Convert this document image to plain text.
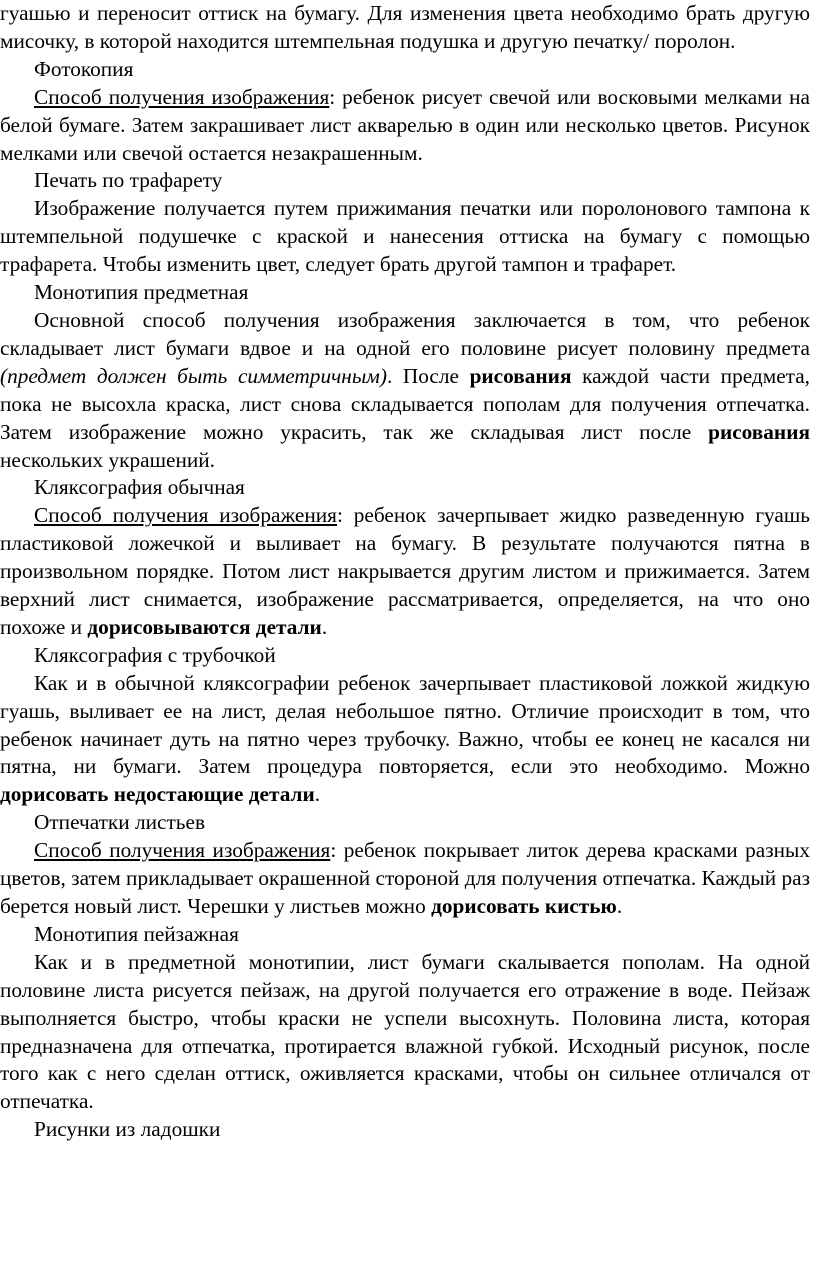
гуашью и переносит оттиск на бумагу. Для изменения цвета необходимо брать другую мисочку, в которой находится штемпельная подушка и другую печатку/ поролон.

Фотокопия

Способ получения изображения: ребенок рисует свечой или восковыми мелками на белой бумаге. Затем закрашивает лист акварелью в один или несколько цветов. Рисунок мелками или свечой остается незакрашенным.

Печать по трафарету

Изображение получается путем прижимания печатки или поролонового тампона к штемпельной подушечке с краской и нанесения оттиска на бумагу с помощью трафарета. Чтобы изменить цвет, следует брать другой тампон и трафарет.

Монотипия предметная

Основной способ получения изображения заключается в том, что ребенок складывает лист бумаги вдвое и на одной его половине рисует половину предмета (предмет должен быть симметричным). После рисования каждой части предмета, пока не высохла краска, лист снова складывается пополам для получения отпечатка. Затем изображение можно украсить, так же складывая лист после рисования нескольких украшений.

Кляксография обычная

Способ получения изображения: ребенок зачерпывает жидко разведенную гуашь пластиковой ложечкой и выливает на бумагу. В результате получаются пятна в произвольном порядке. Потом лист накрывается другим листом и прижимается. Затем верхний лист снимается, изображение рассматривается, определяется, на что оно похоже и дорисовываются детали.

Кляксография с трубочкой

Как и в обычной кляксографии ребенок зачерпывает пластиковой ложкой жидкую гуашь, выливает ее на лист, делая небольшое пятно. Отличие происходит в том, что ребенок начинает дуть на пятно через трубочку. Важно, чтобы ее конец не касался ни пятна, ни бумаги. Затем процедура повторяется, если это необходимо. Можно дорисовать недостающие детали.

Отпечатки листьев

Способ получения изображения: ребенок покрывает литок дерева красками разных цветов, затем прикладывает окрашенной стороной для получения отпечатка. Каждый раз берется новый лист. Черешки у листьев можно дорисовать кистью.

Монотипия пейзажная

Как и в предметной монотипии, лист бумаги скалывается пополам. На одной половине листа рисуется пейзаж, на другой получается его отражение в воде. Пейзаж выполняется быстро, чтобы краски не успели высохнуть. Половина листа, которая предназначена для отпечатка, протирается влажной губкой. Исходный рисунок, после того как с него сделан оттиск, оживляется красками, чтобы он сильнее отличался от отпечатка.

Рисунки из ладошки
